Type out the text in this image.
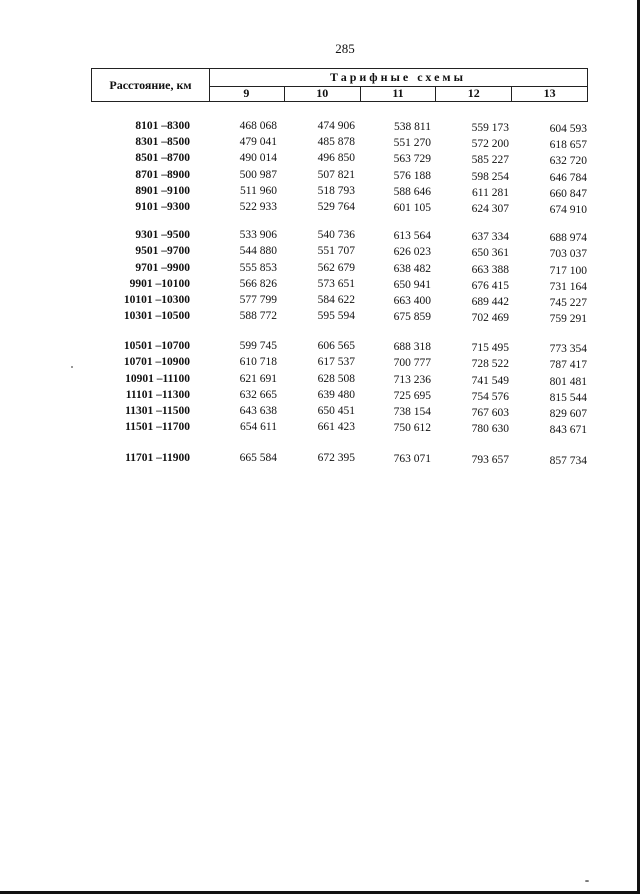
285
Расстояние, км
Тарифные схемы
9	10	11	12	13
8101 –8300	468 068	474 906	538 811	559 173	604 593
8301 –8500	479 041	485 878	551 270	572 200	618 657
8501 –8700	490 014	496 850	563 729	585 227	632 720
8701 –8900	500 987	507 821	576 188	598 254	646 784
8901 –9100	511 960	518 793	588 646	611 281	660 847
9101 –9300	522 933	529 764	601 105	624 307	674 910
9301 –9500	533 906	540 736	613 564	637 334	688 974
9501 –9700	544 880	551 707	626 023	650 361	703 037
9701 –9900	555 853	562 679	638 482	663 388	717 100
9901 –10100	566 826	573 651	650 941	676 415	731 164
10101 –10300	577 799	584 622	663 400	689 442	745 227
10301 –10500	588 772	595 594	675 859	702 469	759 291
10501 –10700	599 745	606 565	688 318	715 495	773 354
10701 –10900	610 718	617 537	700 777	728 522	787 417
10901 –11100	621 691	628 508	713 236	741 549	801 481
11101 –11300	632 665	639 480	725 695	754 576	815 544
11301 –11500	643 638	650 451	738 154	767 603	829 607
11501 –11700	654 611	661 423	750 612	780 630	843 671
11701 –11900	665 584	672 395	763 071	793 657	857 734
